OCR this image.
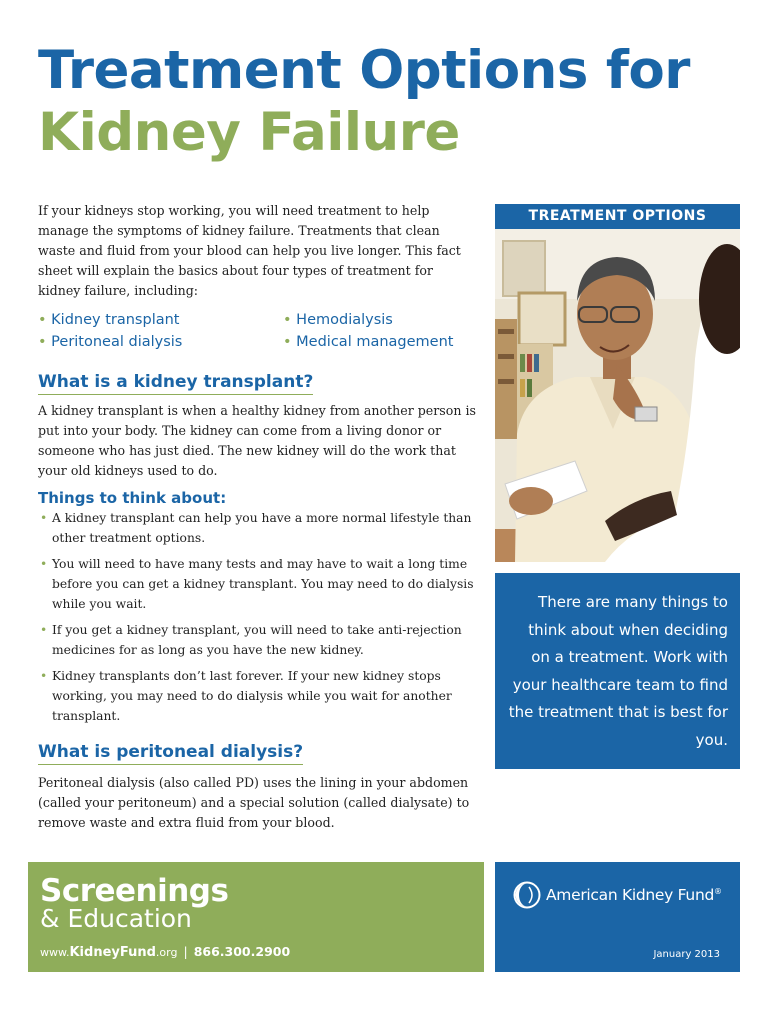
Treatment Options for
Kidney Failure

If your kidneys stop working, you will need treatment to help manage the symptoms of kidney failure. Treatments that clean waste and fluid from your blood can help you live longer. This fact sheet will explain the basics about four types of treatment for kidney failure, including:

• Kidney transplant	• Hemodialysis
• Peritoneal dialysis	• Medical management
What is a kidney transplant?

A kidney transplant is when a healthy kidney from another person is put into your body. The kidney can come from a living donor or someone who has just died. The new kidney will do the work that your old kidneys used to do.

Things to think about:
• A kidney transplant can help you have a more normal lifestyle than other treatment options.
• You will need to have many tests and may have to wait a long time before you can get a kidney transplant. You may need to do dialysis while you wait.
• If you get a kidney transplant, you will need to take anti-rejection medicines for as long as you have the new kidney.
• Kidney transplants don’t last forever. If your new kidney stops working, you may need to do dialysis while you wait for another transplant.
What is peritoneal dialysis?

Peritoneal dialysis (also called PD) uses the lining in your abdomen (called your peritoneum) and a special solution (called dialysate) to remove waste and extra fluid from your blood.

TREATMENT OPTIONS

There are many things to think about when deciding on a treatment. Work with your healthcare team to find the treatment that is best for you.

Screenings
& Education
www.KidneyFund.org | 866.300.2900
American Kidney Fund®
January 2013
